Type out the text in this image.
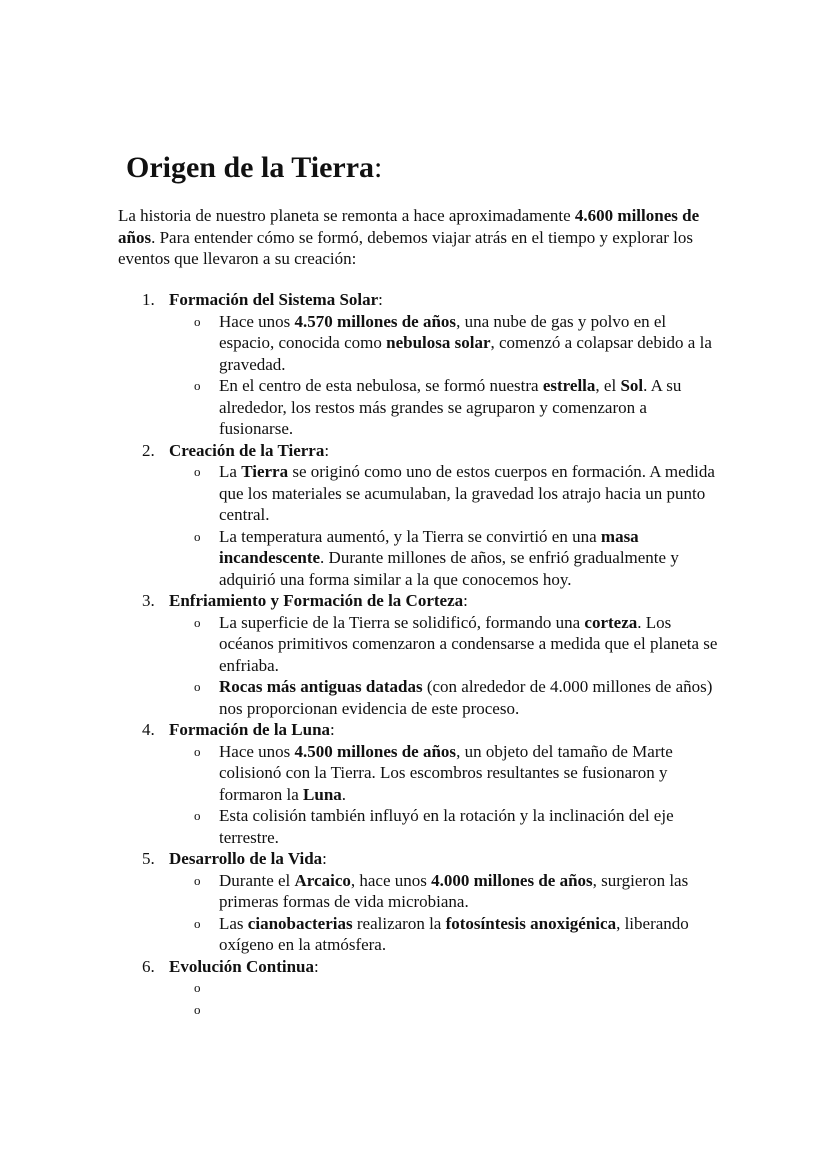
Origen de la Tierra:

La historia de nuestro planeta se remonta a hace aproximadamente 4.600 millones de años. Para entender cómo se formó, debemos viajar atrás en el tiempo y explorar los eventos que llevaron a su creación:

1. Formación del Sistema Solar:
o Hace unos 4.570 millones de años, una nube de gas y polvo en el espacio, conocida como nebulosa solar, comenzó a colapsar debido a la gravedad.
o En el centro de esta nebulosa, se formó nuestra estrella, el Sol. A su alrededor, los restos más grandes se agruparon y comenzaron a fusionarse.
2. Creación de la Tierra:
o La Tierra se originó como uno de estos cuerpos en formación. A medida que los materiales se acumulaban, la gravedad los atrajo hacia un punto central.
o La temperatura aumentó, y la Tierra se convirtió en una masa incandescente. Durante millones de años, se enfrió gradualmente y adquirió una forma similar a la que conocemos hoy.
3. Enfriamiento y Formación de la Corteza:
o La superficie de la Tierra se solidificó, formando una corteza. Los océanos primitivos comenzaron a condensarse a medida que el planeta se enfriaba.
o Rocas más antiguas datadas (con alrededor de 4.000 millones de años) nos proporcionan evidencia de este proceso.
4. Formación de la Luna:
o Hace unos 4.500 millones de años, un objeto del tamaño de Marte colisionó con la Tierra. Los escombros resultantes se fusionaron y formaron la Luna.
o Esta colisión también influyó en la rotación y la inclinación del eje terrestre.
5. Desarrollo de la Vida:
o Durante el Arcaico, hace unos 4.000 millones de años, surgieron las primeras formas de vida microbiana.
o Las cianobacterias realizaron la fotosíntesis anoxigénica, liberando oxígeno en la atmósfera.
6. Evolución Continua:
o
o
